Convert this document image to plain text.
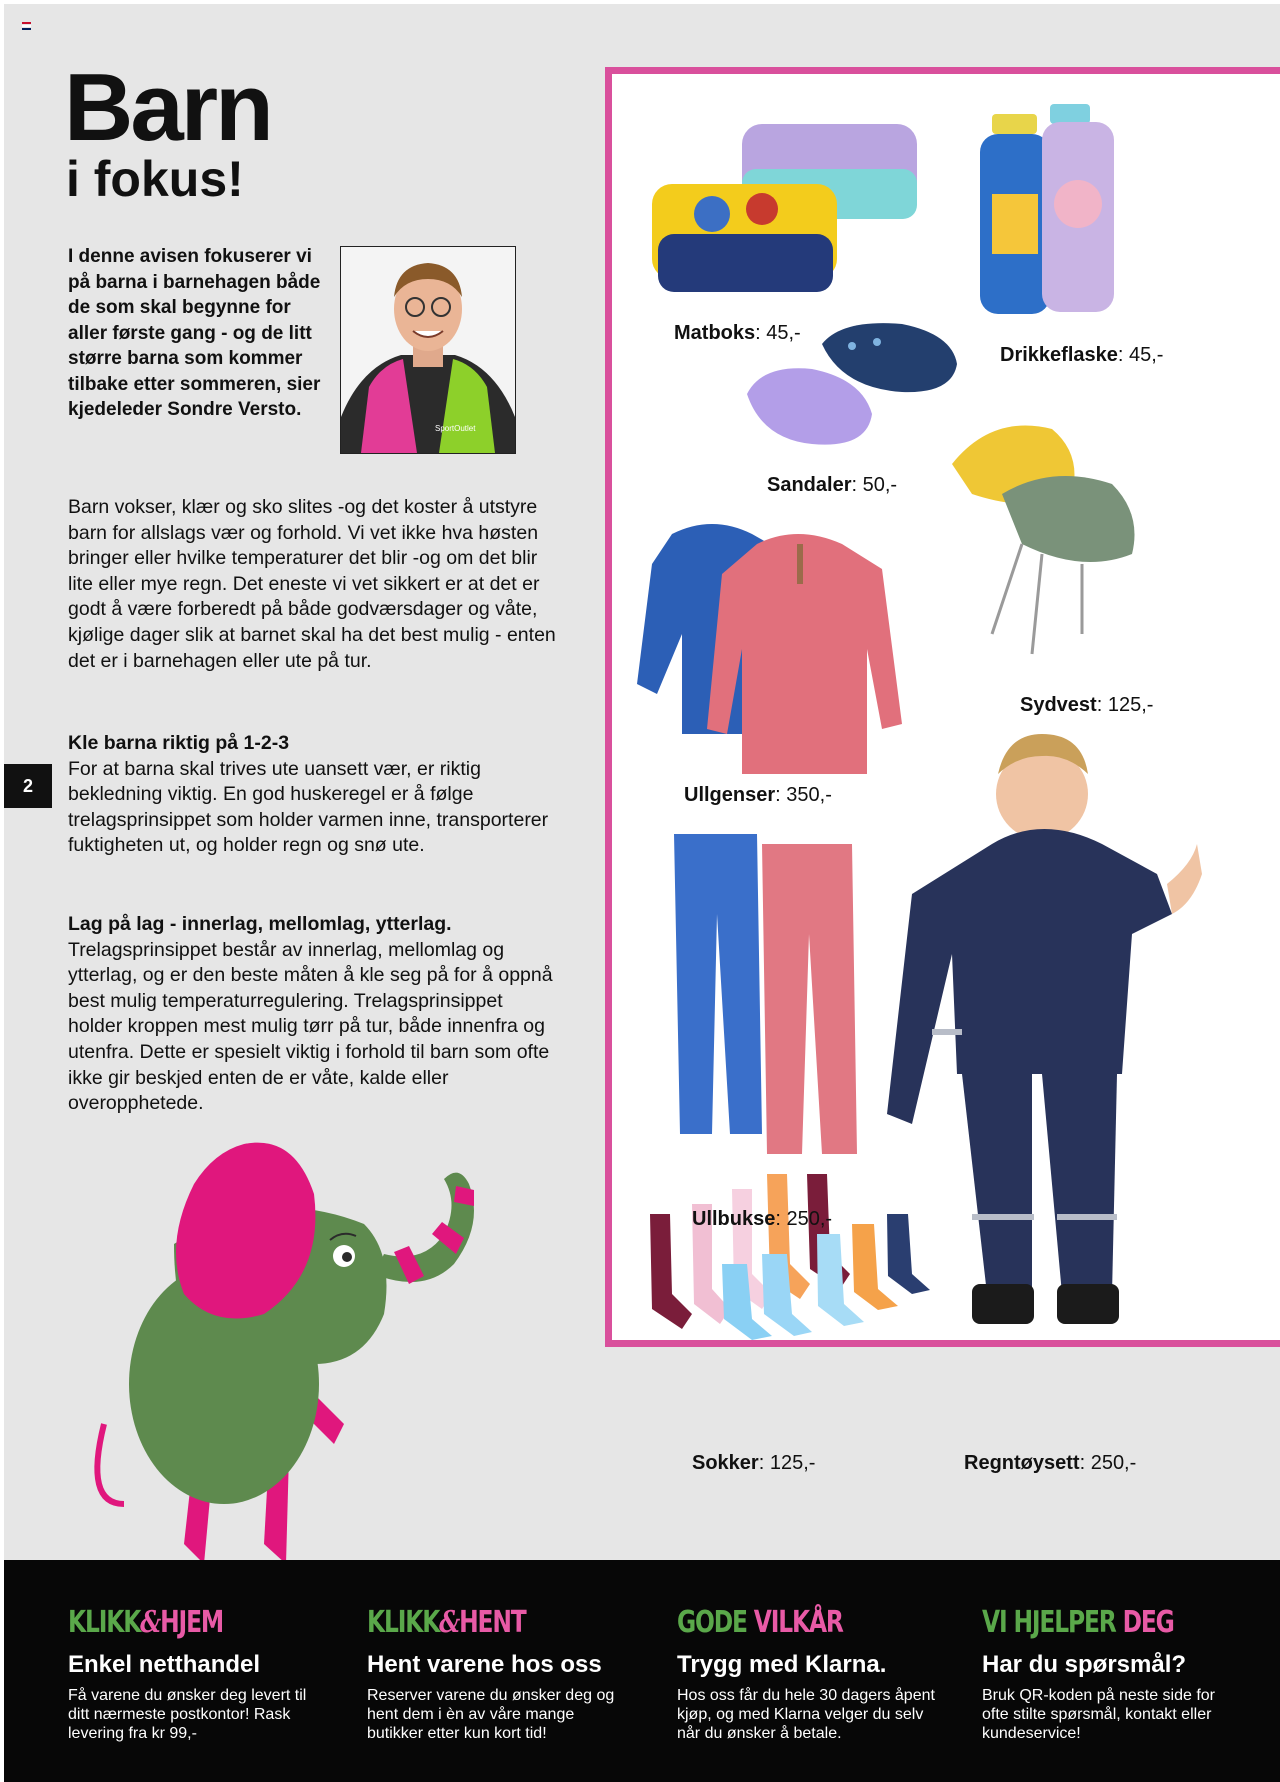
Barn
i fokus!

I denne avisen fokuserer vi på barna i barnehagen både de som skal begynne for aller første gang - og de litt større barna som kommer tilbake etter sommeren, sier kjedeleder Sondre Versto.

SportOutlet

Barn vokser, klær og sko slites -og det koster å utstyre barn for allslags vær og forhold. Vi vet ikke hva høsten bringer eller hvilke temperaturer det blir -og om det blir lite eller mye regn. Det eneste vi vet sikkert er at det er godt å være forberedt på både godværsdager og våte, kjølige dager slik at barnet skal ha det best mulig - enten det er i barnehagen eller ute på tur.

Kle barna riktig på 1-2-3
For at barna skal trives ute uansett vær, er riktig bekledning viktig. En god huskeregel er å følge trelagsprinsippet som holder varmen inne, transporterer fuktigheten ut, og holder regn og snø ute.

Lag på lag - innerlag, mellomlag, ytterlag.
Trelagsprinsippet består av innerlag, mellomlag og ytterlag, og er den beste måten å kle seg på for å oppnå best mulig temperaturregulering. Trelagsprinsippet holder kroppen mest mulig tørr på tur, både innenfra og utenfra. Dette er spesielt viktig i forhold til barn som ofte ikke gir beskjed enten de er våte, kalde eller overopphetede.

2
Matboks: 45,-
Drikkeflaske: 45,-
Sandaler: 50,-
Sydvest: 125,-
Ullgenser: 350,-
Ullbukse: 250,-
Sokker: 125,-	Regntøysett: 250,-
KLIKK&HJEM
Enkel netthandel
Få varene du ønsker deg levert til ditt nærmeste postkontor! Rask levering fra kr 99,-
KLIKK&HENT
Hent varene hos oss
Reserver varene du ønsker deg og hent dem i èn av våre mange butikker etter kun kort tid!
GODE VILKÅR
Trygg med Klarna.
Hos oss får du hele 30 dagers åpent kjøp, og med Klarna velger du selv når du ønsker å betale.
VI HJELPER DEG
Har du spørsmål?
Bruk QR-koden på neste side for ofte stilte spørsmål, kontakt eller kundeservice!
